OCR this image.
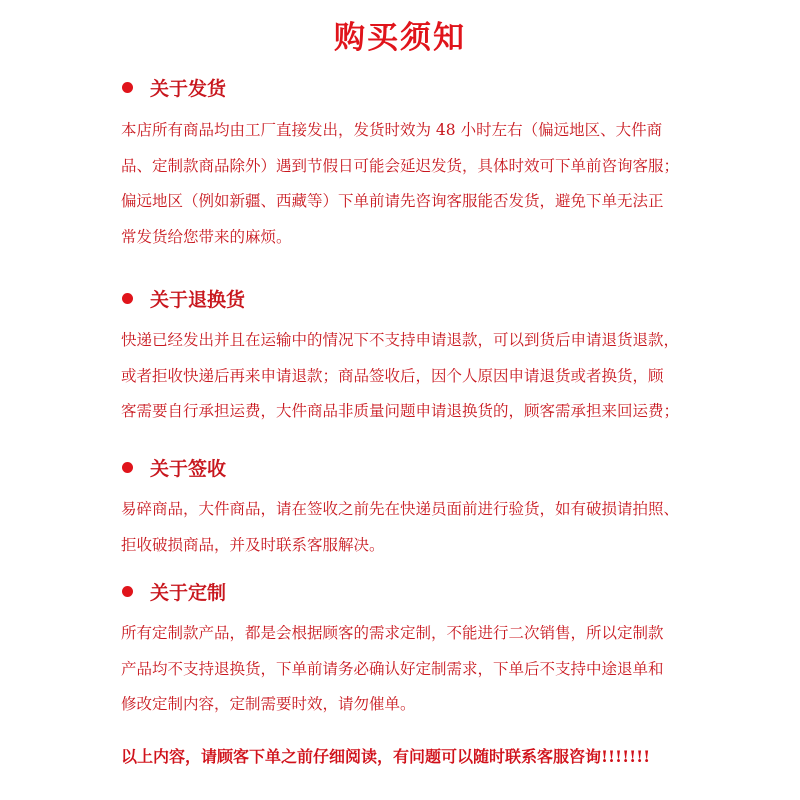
购买须知
关于发货
本店所有商品均由工厂直接发出，发货时效为 48 小时左右（偏远地区、大件商
品、定制款商品除外）遇到节假日可能会延迟发货，具体时效可下单前咨询客服；
偏远地区（例如新疆、西藏等）下单前请先咨询客服能否发货，避免下单无法正
常发货给您带来的麻烦。
关于退换货
快递已经发出并且在运输中的情况下不支持申请退款，可以到货后申请退货退款，
或者拒收快递后再来申请退款；商品签收后，因个人原因申请退货或者换货，顾
客需要自行承担运费，大件商品非质量问题申请退换货的，顾客需承担来回运费；
关于签收
易碎商品，大件商品，请在签收之前先在快递员面前进行验货，如有破损请拍照、
拒收破损商品，并及时联系客服解决。
关于定制
所有定制款产品，都是会根据顾客的需求定制，不能进行二次销售，所以定制款
产品均不支持退换货，下单前请务必确认好定制需求，下单后不支持中途退单和
修改定制内容，定制需要时效，请勿催单。
以上内容，请顾客下单之前仔细阅读，有问题可以随时联系客服咨询!!!!!!!
